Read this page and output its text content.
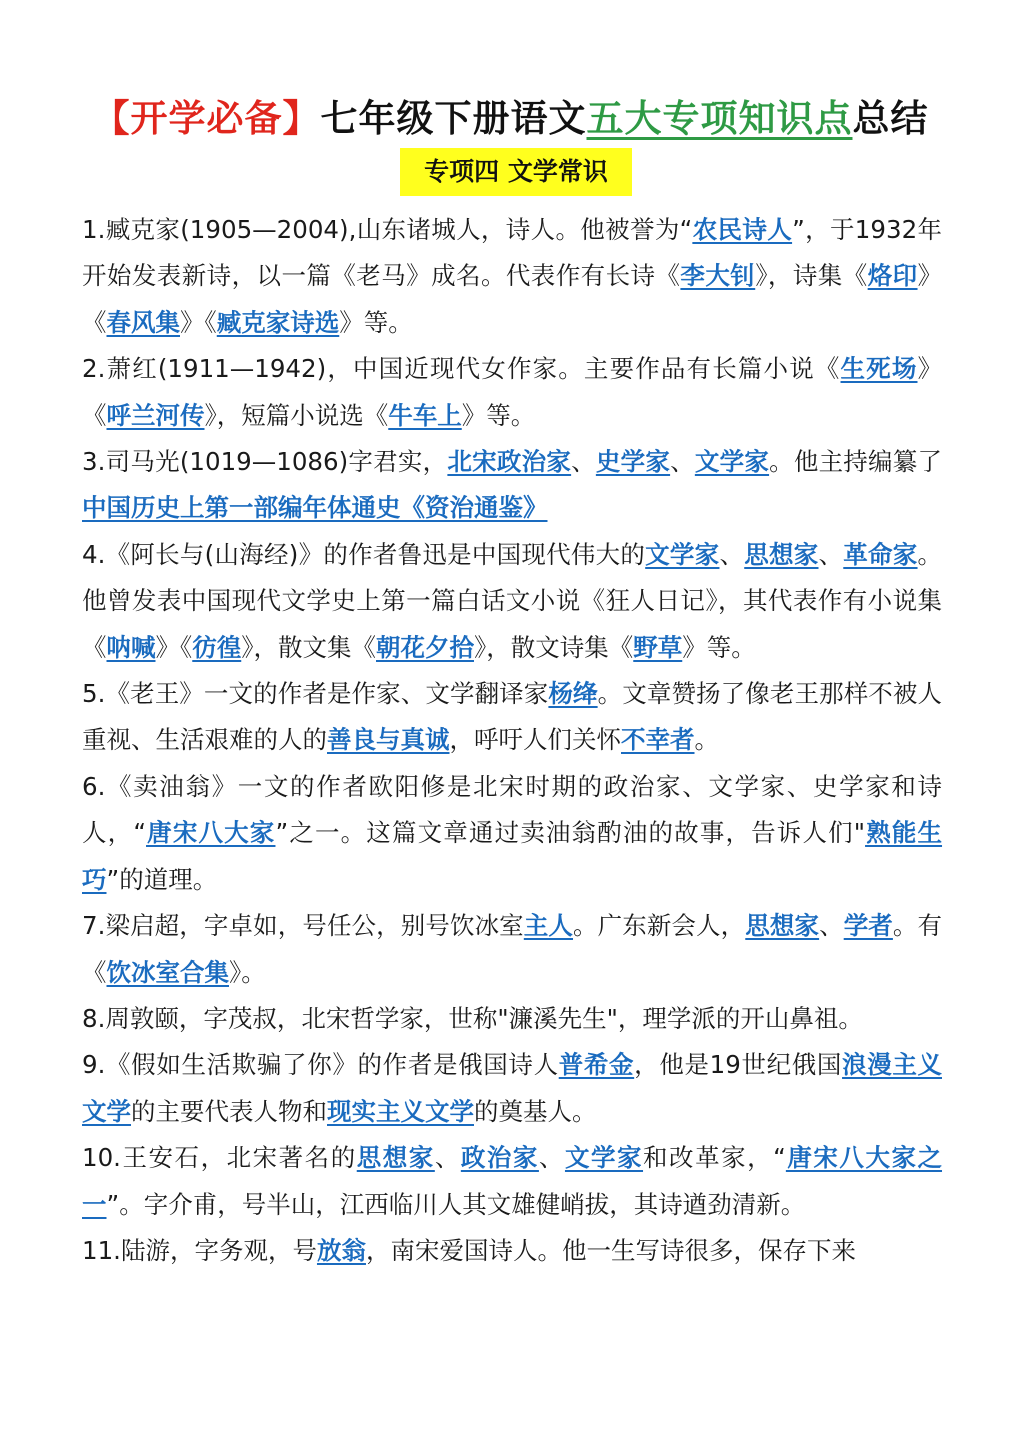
【开学必备】七年级下册语文五大专项知识点总结
专项四 文学常识

1.臧克家(1905—2004),山东诸城人，诗人。他被誉为“农民诗人”，于1932年开始发表新诗，以一篇《老马》成名。代表作有长诗《李大钊》，诗集《烙印》《春风集》《臧克家诗选》等。

2.萧红(1911—1942)，中国近现代女作家。主要作品有长篇小说《生死场》《呼兰河传》，短篇小说选《牛车上》等。

3.司马光(1019—1086)字君实，北宋政治家、史学家、文学家。他主持编纂了中国历史上第一部编年体通史《资治通鉴》

4.《阿长与(山海经)》的作者鲁迅是中国现代伟大的文学家、思想家、革命家。他曾发表中国现代文学史上第一篇白话文小说《狂人日记》，其代表作有小说集《呐喊》《彷徨》，散文集《朝花夕拾》，散文诗集《野草》等。

5.《老王》一文的作者是作家、文学翻译家杨绛。文章赞扬了像老王那样不被人重视、生活艰难的人的善良与真诚，呼吁人们关怀不幸者。

6.《卖油翁》一文的作者欧阳修是北宋时期的政治家、文学家、史学家和诗人，“唐宋八大家”之一。这篇文章通过卖油翁酌油的故事，告诉人们"熟能生巧”的道理。

7.梁启超，字卓如，号任公，别号饮冰室主人。广东新会人，思想家、学者。有《饮冰室合集》。

8.周敦颐，字茂叔，北宋哲学家，世称"濂溪先生"，理学派的开山鼻祖。

9.《假如生活欺骗了你》的作者是俄国诗人普希金，他是19世纪俄国浪漫主义文学的主要代表人物和现实主义文学的奠基人。

10.王安石，北宋著名的思想家、政治家、文学家和改革家，“唐宋八大家之一”。字介甫，号半山，江西临川人其文雄健峭拔，其诗遒劲清新。

11.陆游，字务观，号放翁，南宋爱国诗人。他一生写诗很多，保存下来
